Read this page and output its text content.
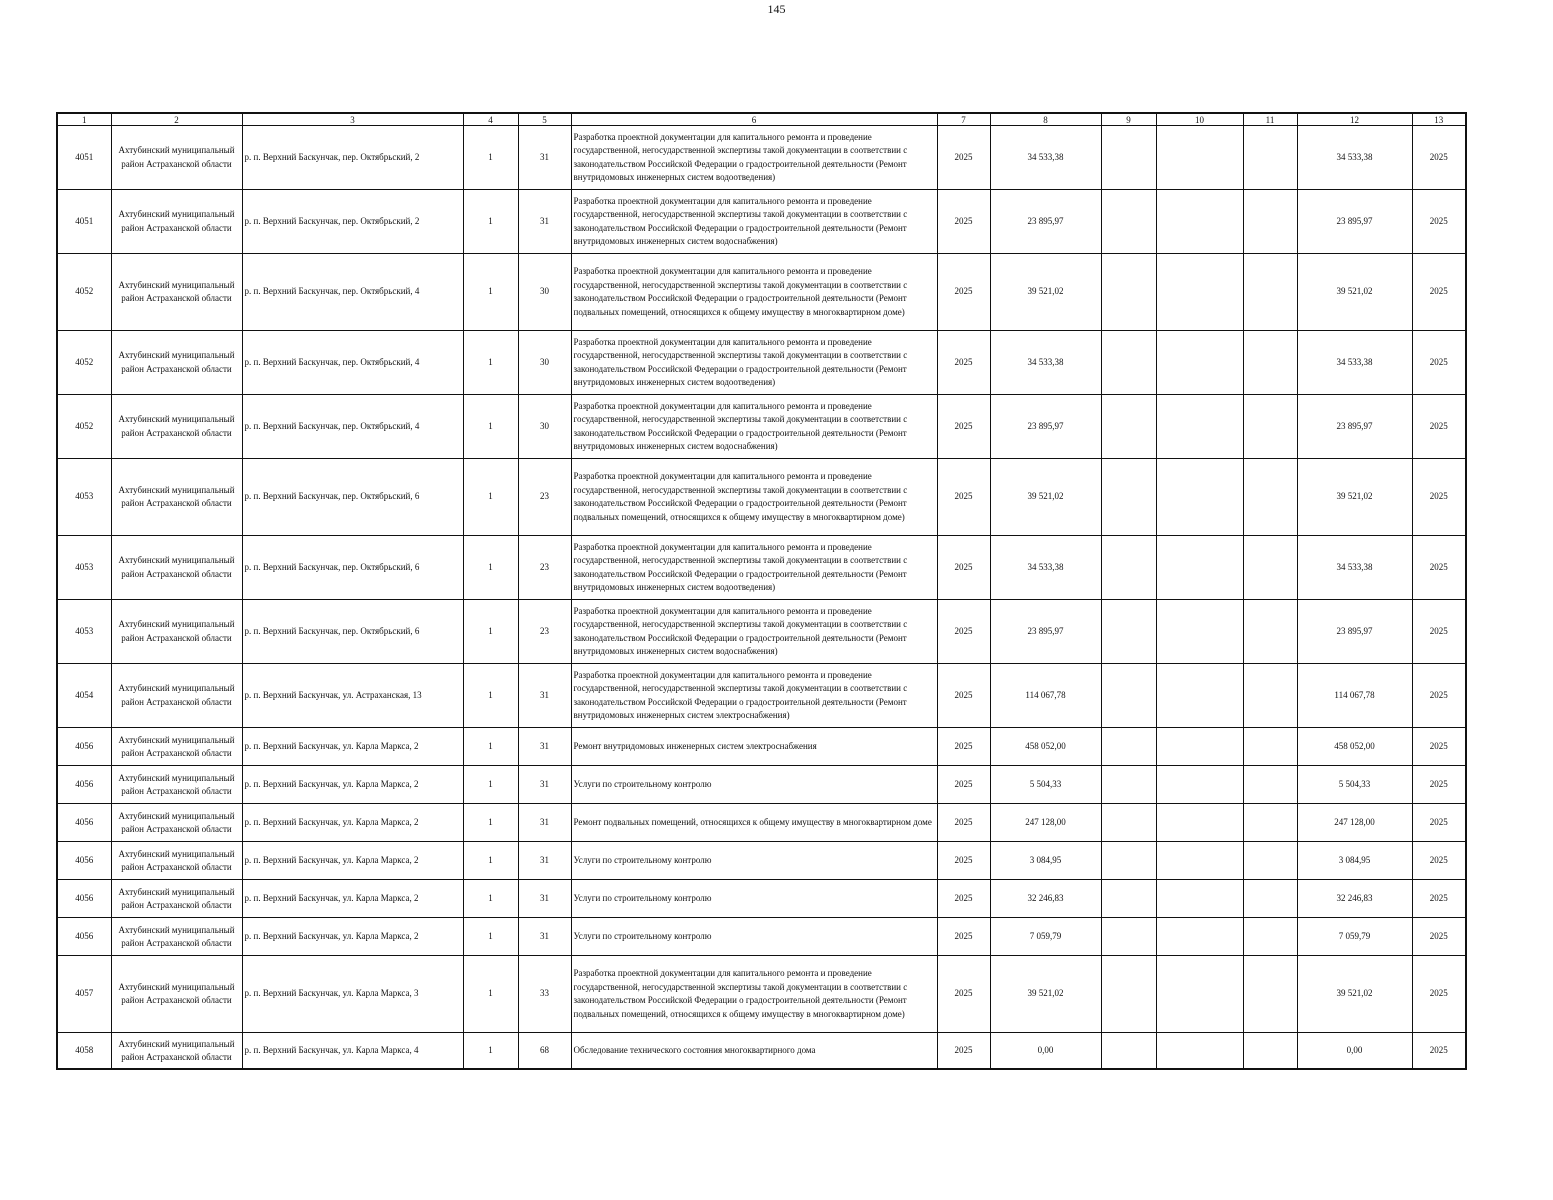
145
1	2	3	4	5	6	7	8	9	10	11	12	13
4051	Ахтубинский муниципальный район Астраханской области	р. п. Верхний Баскунчак, пер. Октябрьский, 2	1	31	Разработка проектной документации для капитального ремонта и проведение государственной, негосударственной экспертизы такой документации в соответствии с законодательством Российской Федерации о градостроительной деятельности (Ремонт внутридомовых инженерных систем водоотведения)	2025	34 533,38				34 533,38	2025
4051	Ахтубинский муниципальный район Астраханской области	р. п. Верхний Баскунчак, пер. Октябрьский, 2	1	31	Разработка проектной документации для капитального ремонта и проведение государственной, негосударственной экспертизы такой документации в соответствии с законодательством Российской Федерации о градостроительной деятельности (Ремонт внутридомовых инженерных систем водоснабжения)	2025	23 895,97				23 895,97	2025
4052	Ахтубинский муниципальный район Астраханской области	р. п. Верхний Баскунчак, пер. Октябрьский, 4	1	30	Разработка проектной документации для капитального ремонта и проведение государственной, негосударственной экспертизы такой документации в соответствии с законодательством Российской Федерации о градостроительной деятельности (Ремонт подвальных помещений, относящихся к общему имуществу в многоквартирном доме)	2025	39 521,02				39 521,02	2025
4052	Ахтубинский муниципальный район Астраханской области	р. п. Верхний Баскунчак, пер. Октябрьский, 4	1	30	Разработка проектной документации для капитального ремонта и проведение государственной, негосударственной экспертизы такой документации в соответствии с законодательством Российской Федерации о градостроительной деятельности (Ремонт внутридомовых инженерных систем водоотведения)	2025	34 533,38				34 533,38	2025
4052	Ахтубинский муниципальный район Астраханской области	р. п. Верхний Баскунчак, пер. Октябрьский, 4	1	30	Разработка проектной документации для капитального ремонта и проведение государственной, негосударственной экспертизы такой документации в соответствии с законодательством Российской Федерации о градостроительной деятельности (Ремонт внутридомовых инженерных систем водоснабжения)	2025	23 895,97				23 895,97	2025
4053	Ахтубинский муниципальный район Астраханской области	р. п. Верхний Баскунчак, пер. Октябрьский, 6	1	23	Разработка проектной документации для капитального ремонта и проведение государственной, негосударственной экспертизы такой документации в соответствии с законодательством Российской Федерации о градостроительной деятельности (Ремонт подвальных помещений, относящихся к общему имуществу в многоквартирном доме)	2025	39 521,02				39 521,02	2025
4053	Ахтубинский муниципальный район Астраханской области	р. п. Верхний Баскунчак, пер. Октябрьский, 6	1	23	Разработка проектной документации для капитального ремонта и проведение государственной, негосударственной экспертизы такой документации в соответствии с законодательством Российской Федерации о градостроительной деятельности (Ремонт внутридомовых инженерных систем водоотведения)	2025	34 533,38				34 533,38	2025
4053	Ахтубинский муниципальный район Астраханской области	р. п. Верхний Баскунчак, пер. Октябрьский, 6	1	23	Разработка проектной документации для капитального ремонта и проведение государственной, негосударственной экспертизы такой документации в соответствии с законодательством Российской Федерации о градостроительной деятельности (Ремонт внутридомовых инженерных систем водоснабжения)	2025	23 895,97				23 895,97	2025
4054	Ахтубинский муниципальный район Астраханской области	р. п. Верхний Баскунчак, ул. Астраханская, 13	1	31	Разработка проектной документации для капитального ремонта и проведение государственной, негосударственной экспертизы такой документации в соответствии с законодательством Российской Федерации о градостроительной деятельности (Ремонт внутридомовых инженерных систем электроснабжения)	2025	114 067,78				114 067,78	2025
4056	Ахтубинский муниципальный район Астраханской области	р. п. Верхний Баскунчак, ул. Карла Маркса, 2	1	31	Ремонт внутридомовых инженерных систем электроснабжения	2025	458 052,00				458 052,00	2025
4056	Ахтубинский муниципальный район Астраханской области	р. п. Верхний Баскунчак, ул. Карла Маркса, 2	1	31	Услуги по строительному контролю	2025	5 504,33				5 504,33	2025
4056	Ахтубинский муниципальный район Астраханской области	р. п. Верхний Баскунчак, ул. Карла Маркса, 2	1	31	Ремонт подвальных помещений, относящихся к общему имуществу в многоквартирном доме	2025	247 128,00				247 128,00	2025
4056	Ахтубинский муниципальный район Астраханской области	р. п. Верхний Баскунчак, ул. Карла Маркса, 2	1	31	Услуги по строительному контролю	2025	3 084,95				3 084,95	2025
4056	Ахтубинский муниципальный район Астраханской области	р. п. Верхний Баскунчак, ул. Карла Маркса, 2	1	31	Услуги по строительному контролю	2025	32 246,83				32 246,83	2025
4056	Ахтубинский муниципальный район Астраханской области	р. п. Верхний Баскунчак, ул. Карла Маркса, 2	1	31	Услуги по строительному контролю	2025	7 059,79				7 059,79	2025
4057	Ахтубинский муниципальный район Астраханской области	р. п. Верхний Баскунчак, ул. Карла Маркса, 3	1	33	Разработка проектной документации для капитального ремонта и проведение государственной, негосударственной экспертизы такой документации в соответствии с законодательством Российской Федерации о градостроительной деятельности (Ремонт подвальных помещений, относящихся к общему имуществу в многоквартирном доме)	2025	39 521,02				39 521,02	2025
4058	Ахтубинский муниципальный район Астраханской области	р. п. Верхний Баскунчак, ул. Карла Маркса, 4	1	68	Обследование технического состояния многоквартирного дома	2025	0,00				0,00	2025
